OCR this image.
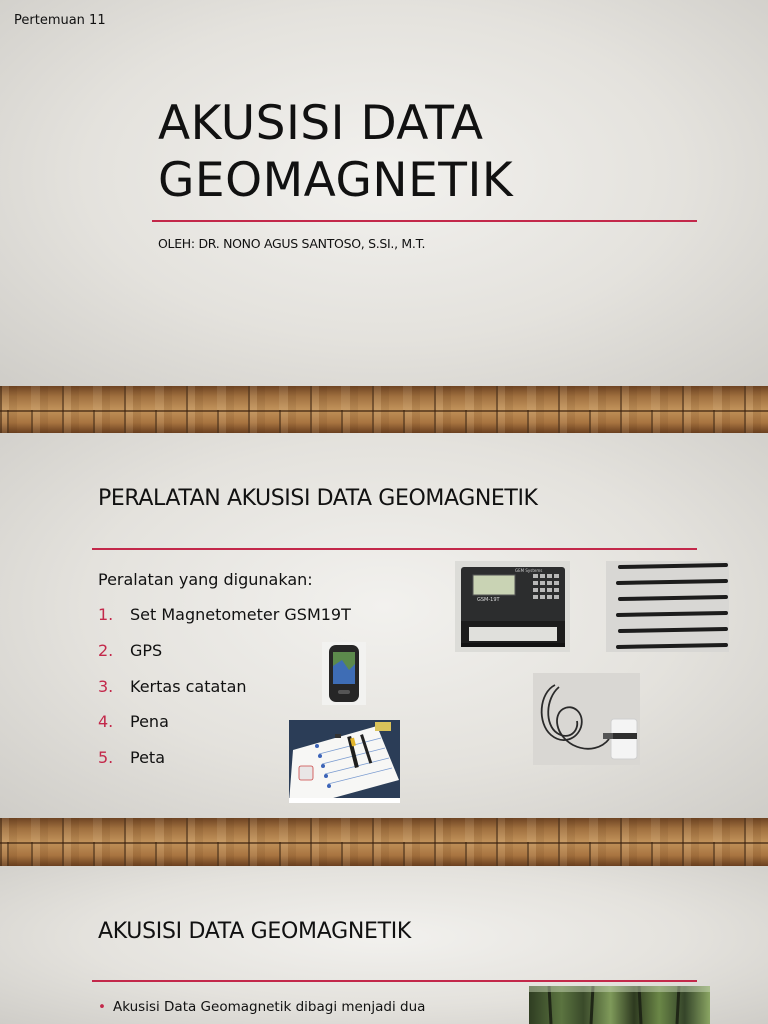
Pertemuan 11
AKUSISI DATA
GEOMAGNETIK
OLEH: DR. NONO AGUS SANTOSO, S.SI., M.T.
PERALATAN AKUSISI DATA GEOMAGNETIK
Peralatan yang digunakan:
1. Set Magnetometer GSM19T
2. GPS
3. Kertas catatan
4. Pena
5. Peta
GSM-19T
GEM Systems
AKUSISI DATA GEOMAGNETIK
• Akusisi Data Geomagnetik dibagi menjadi dua
